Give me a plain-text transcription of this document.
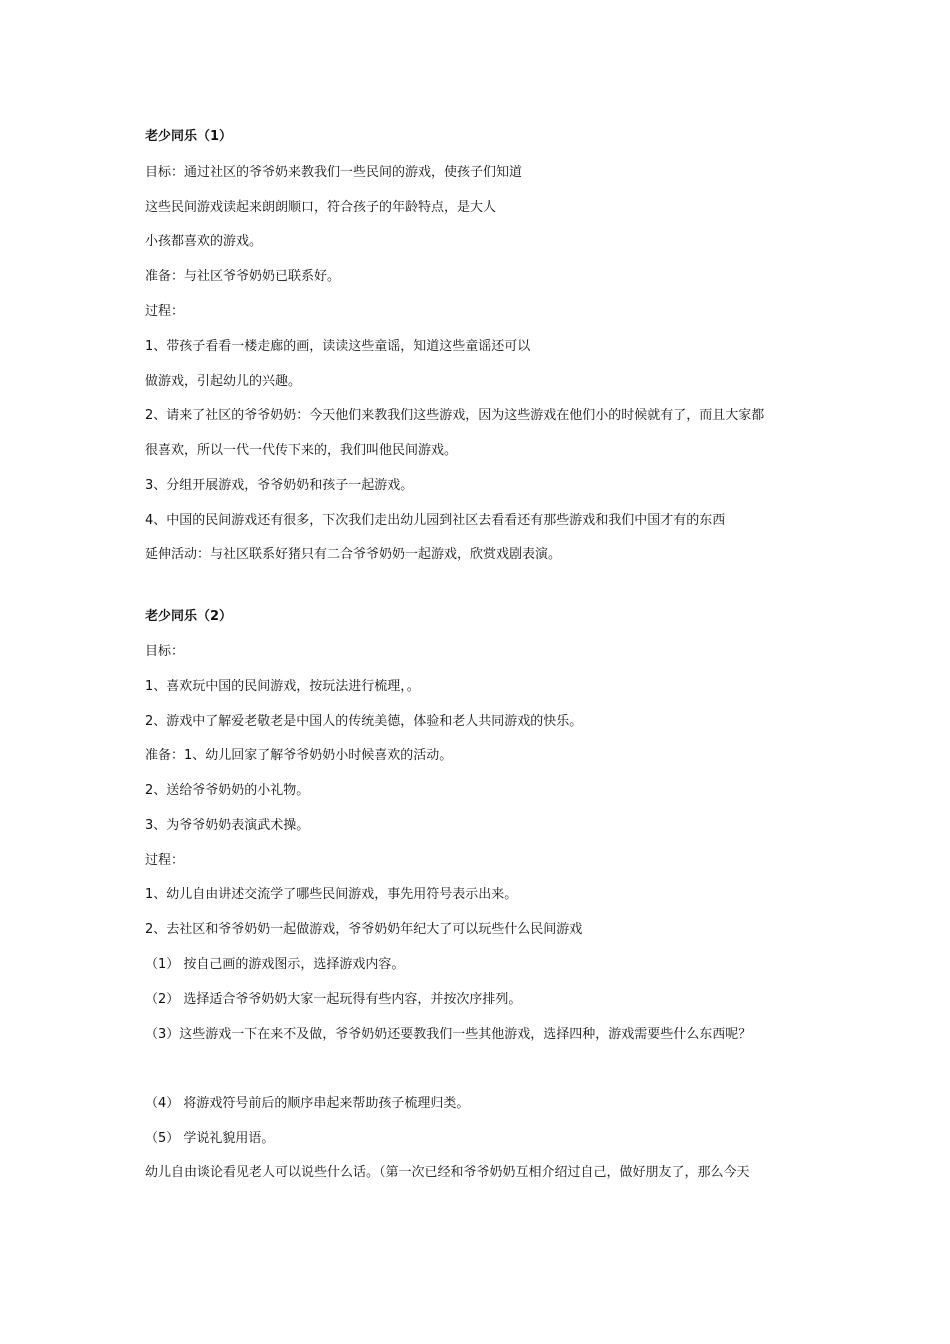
老少同乐（1）
目标：通过社区的爷爷奶来教我们一些民间的游戏，使孩子们知道
这些民间游戏读起来朗朗顺口，符合孩子的年龄特点，是大人
小孩都喜欢的游戏。
准备：与社区爷爷奶奶已联系好。
过程：
1、带孩子看看一楼走廊的画，读读这些童谣，知道这些童谣还可以
做游戏，引起幼儿的兴趣。
2、请来了社区的爷爷奶奶：今天他们来教我们这些游戏，因为这些游戏在他们小的时候就有了，而且大家都
很喜欢，所以一代一代传下来的，我们叫他民间游戏。
3、分组开展游戏，爷爷奶奶和孩子一起游戏。
4、中国的民间游戏还有很多，下次我们走出幼儿园到社区去看看还有那些游戏和我们中国才有的东西
延伸活动：与社区联系好猪只有二合爷爷奶奶一起游戏，欣赏戏剧表演。
老少同乐（2）
目标：
1、喜欢玩中国的民间游戏，按玩法进行梳理，。
2、游戏中了解爱老敬老是中国人的传统美德，体验和老人共同游戏的快乐。
准备：1、幼儿回家了解爷爷奶奶小时候喜欢的活动。
2、送给爷爷奶奶的小礼物。
3、为爷爷奶奶表演武术操。
过程：
1、幼儿自由讲述交流学了哪些民间游戏，事先用符号表示出来。
2、去社区和爷爷奶奶一起做游戏，爷爷奶奶年纪大了可以玩些什么民间游戏
（1） 按自己画的游戏图示，选择游戏内容。
（2） 选择适合爷爷奶奶大家一起玩得有些内容，并按次序排列。
（3）这些游戏一下在来不及做，爷爷奶奶还要教我们一些其他游戏，选择四种，游戏需要些什么东西呢？
（4） 将游戏符号前后的顺序串起来帮助孩子梳理归类。
（5） 学说礼貌用语。
幼儿自由谈论看见老人可以说些什么话。（第一次已经和爷爷奶奶互相介绍过自己，做好朋友了，那么今天
